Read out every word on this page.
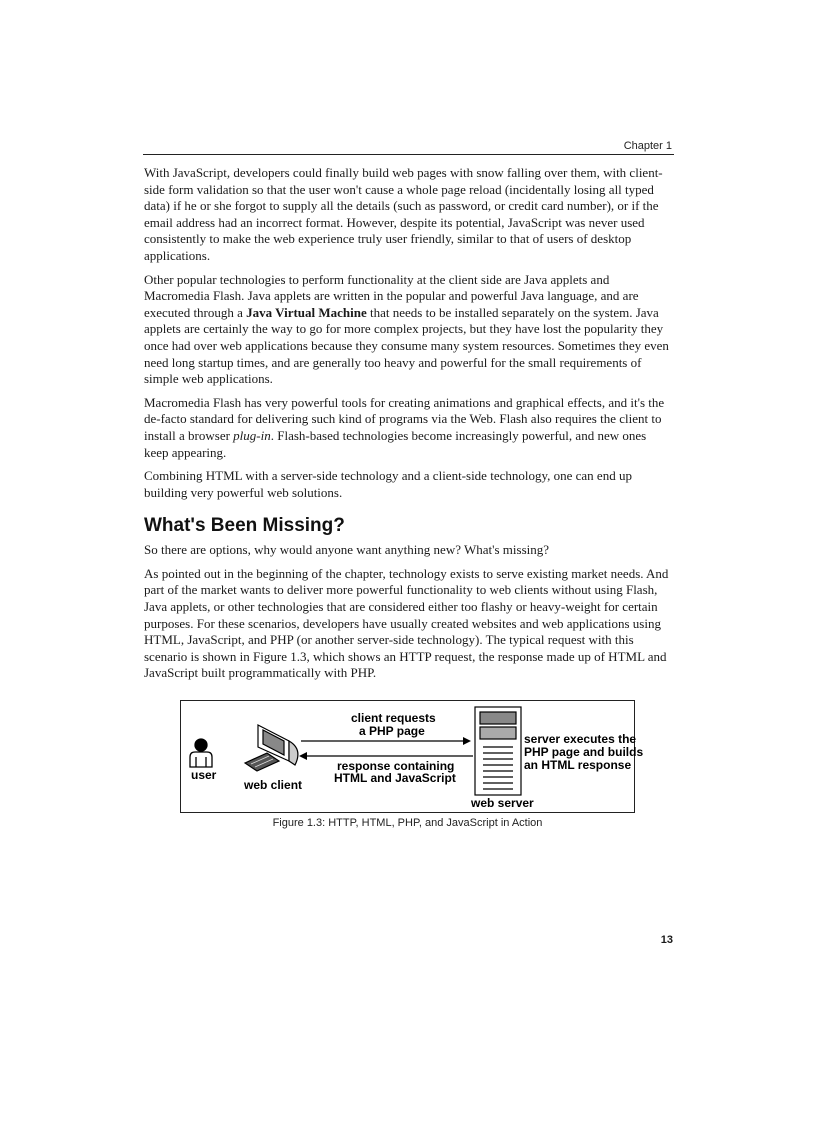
Chapter 1

With JavaScript, developers could finally build web pages with snow falling over them, with client-side form validation so that the user won't cause a whole page reload (incidentally losing all typed data) if he or she forgot to supply all the details (such as password, or credit card number), or if the email address had an incorrect format. However, despite its potential, JavaScript was never used consistently to make the web experience truly user friendly, similar to that of users of desktop applications.

Other popular technologies to perform functionality at the client side are Java applets and Macromedia Flash. Java applets are written in the popular and powerful Java language, and are executed through a Java Virtual Machine that needs to be installed separately on the system. Java applets are certainly the way to go for more complex projects, but they have lost the popularity they once had over web applications because they consume many system resources. Sometimes they even need long startup times, and are generally too heavy and powerful for the small requirements of simple web applications.

Macromedia Flash has very powerful tools for creating animations and graphical effects, and it's the de-facto standard for delivering such kind of programs via the Web. Flash also requires the client to install a browser plug-in. Flash-based technologies become increasingly powerful, and new ones keep appearing.

Combining HTML with a server-side technology and a client-side technology, one can end up building very powerful web solutions.

What's Been Missing?

So there are options, why would anyone want anything new? What's missing?

As pointed out in the beginning of the chapter, technology exists to serve existing market needs. And part of the market wants to deliver more powerful functionality to web clients without using Flash, Java applets, or other technologies that are considered either too flashy or heavy-weight for certain purposes. For these scenarios, developers have usually created websites and web applications using HTML, JavaScript, and PHP (or another server-side technology). The typical request with this scenario is shown in Figure 1.3, which shows an HTTP request, the response made up of HTML and JavaScript built programmatically with PHP.

client requests
a PHP page
response containing
HTML and JavaScript
user
web client
web server
server executes the
PHP page and builds
an HTML response
Figure 1.3: HTTP, HTML, PHP, and JavaScript in Action
13
